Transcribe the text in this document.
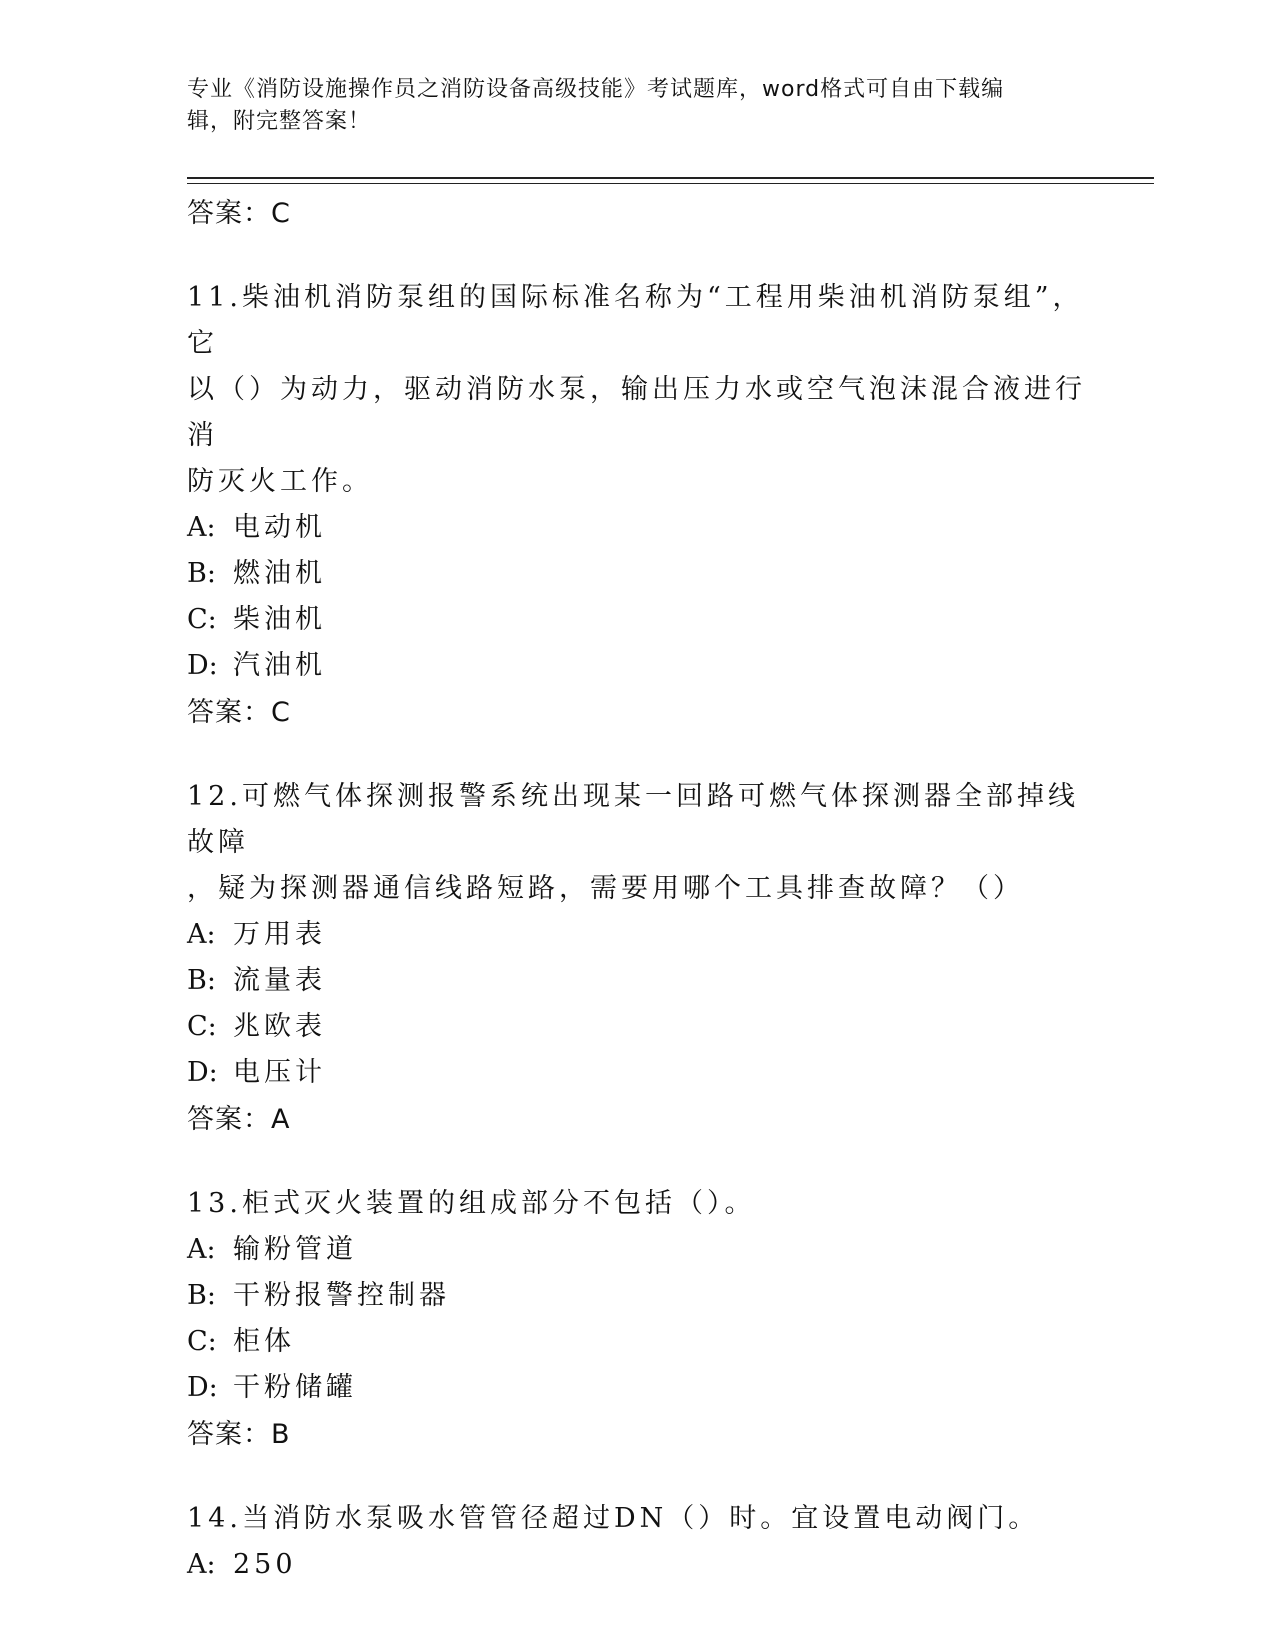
专业《消防设施操作员之消防设备高级技能》考试题库，word格式可自由下载编
辑，附完整答案！
答案：C
11.柴油机消防泵组的国际标准名称为“工程用柴油机消防泵组”，它
以（）为动力，驱动消防水泵，输出压力水或空气泡沫混合液进行消
防灭火工作。
A: 电动机
B: 燃油机
C: 柴油机
D: 汽油机
答案：C
12.可燃气体探测报警系统出现某一回路可燃气体探测器全部掉线故障
，疑为探测器通信线路短路，需要用哪个工具排查故障？（）
A: 万用表
B: 流量表
C: 兆欧表
D: 电压计
答案：A
13.柜式灭火装置的组成部分不包括（）。
A: 输粉管道
B: 干粉报警控制器
C: 柜体
D: 干粉储罐
答案：B
14.当消防水泵吸水管管径超过DN（）时。宜设置电动阀门。
A: 250
